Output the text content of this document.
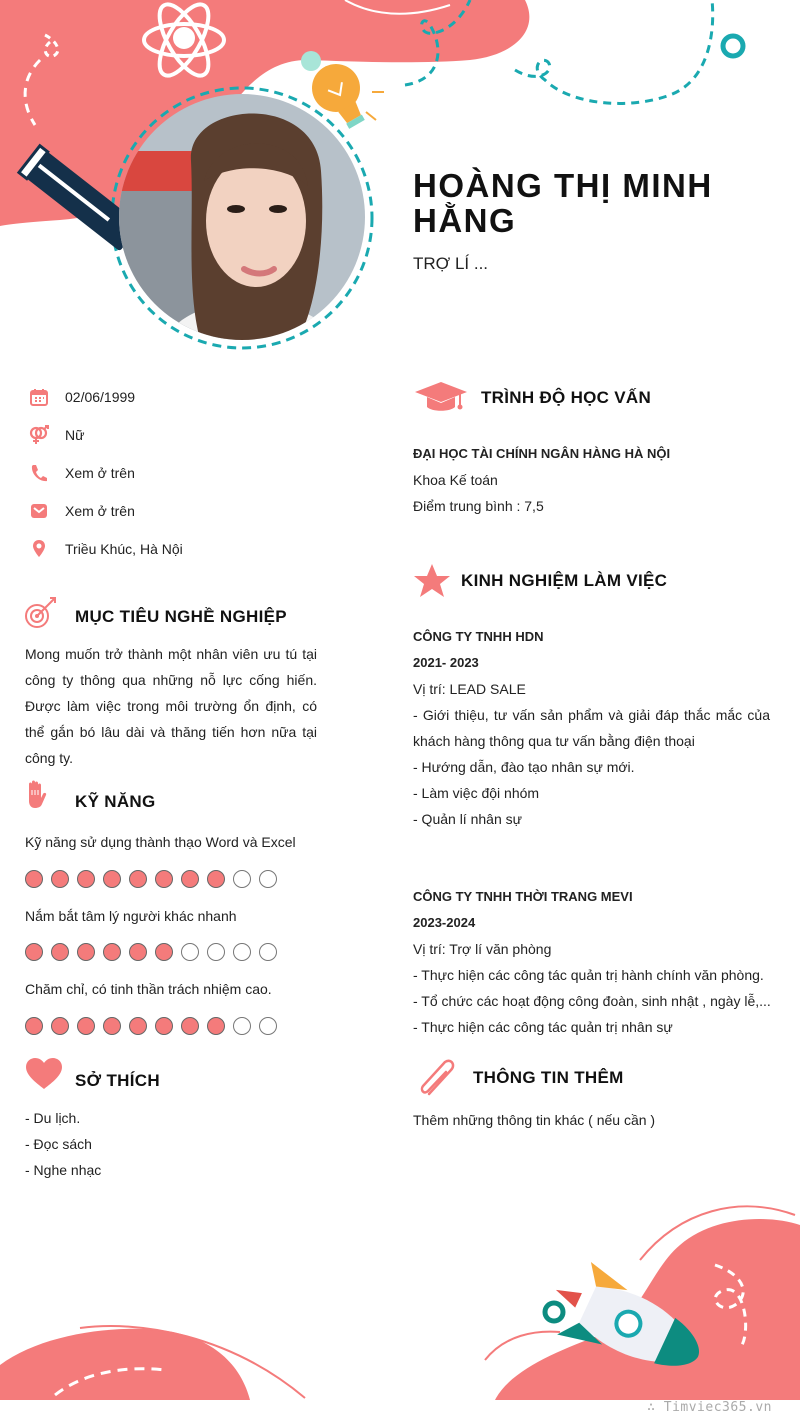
HOÀNG THỊ MINH HẰNG
TRỢ LÍ ...
02/06/1999
Nữ
Xem ở trên
Xem ở trên
Triều Khúc, Hà Nội
MỤC TIÊU NGHỀ NGHIỆP
Mong muốn trở thành một nhân viên ưu tú tại công ty thông qua những nỗ lực cống hiến. Được làm việc trong môi trường ổn định, có thể gắn bó lâu dài và thăng tiến hơn nữa tại công ty.
KỸ NĂNG
Kỹ năng sử dụng thành thạo Word và Excel
Nắm bắt tâm lý người khác nhanh
Chăm chỉ, có tinh thần trách nhiệm cao.
SỞ THÍCH
- Du lịch.
- Đọc sách
- Nghe nhạc
TRÌNH ĐỘ HỌC VẤN
ĐẠI HỌC TÀI CHÍNH NGÂN HÀNG HÀ NỘI
Khoa Kế toán
Điểm trung bình : 7,5
KINH NGHIỆM LÀM VIỆC
CÔNG TY TNHH HDN
2021- 2023
Vị trí: LEAD SALE
- Giới thiệu, tư vấn sản phẩm và giải đáp thắc mắc của khách hàng thông qua tư vấn bằng điện thoại
- Hướng dẫn, đào tạo nhân sự mới.
- Làm việc đội nhóm
- Quản lí nhân sự
CÔNG TY TNHH THỜI TRANG MEVI
2023-2024
Vị trí: Trợ lí văn phòng
- Thực hiện các công tác quản trị hành chính văn phòng.
- Tổ chức các hoạt động công đoàn, sinh nhật , ngày lễ,...
- Thực hiện các công tác quản trị nhân sự
THÔNG TIN THÊM
Thêm những thông tin khác ( nếu cần )
∴ Timviec365.vn
